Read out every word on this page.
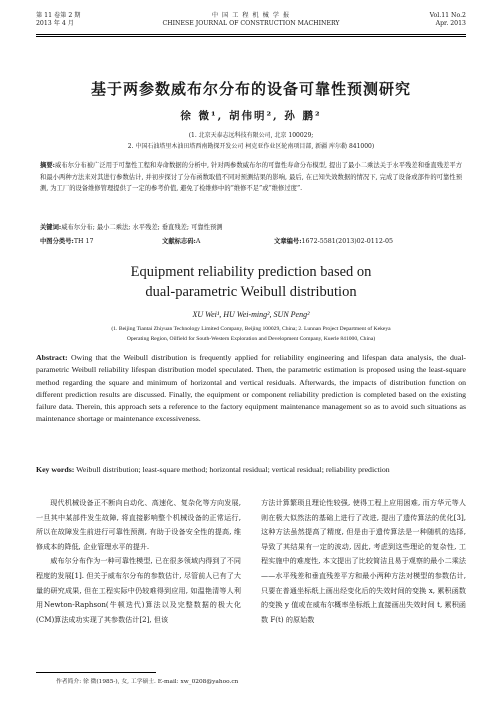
第 11 卷第 2 期
2013 年 4 月
中 国 工 程 机 械 学 报
CHINESE JOURNAL OF CONSTRUCTION MACHINERY
Vol.11 No.2
Apr. 2013
基于两参数威布尔分布的设备可靠性预测研究
徐 微¹, 胡伟明², 孙 鹏²
(1. 北京天泰志远科技有限公司, 北京 100029;
2. 中国石油塔里木油田塔西南勘探开发公司 柯克亚作业区轮南项目部, 新疆 库尔勒 841000)
摘要:威布尔分布被广泛用于可靠性工程和寿命数据的分析中, 针对两参数威布尔的可靠性寿命分布模型, 提出了最小二乘法关于水平残差和垂直残差平方和最小两种方法来对其进行参数估计, 并初步探讨了分布函数取值不同对预测结果的影响, 最后, 在已知失效数据的情况下, 完成了设备或部件的可靠性预测, 为工厂的设备维修管理提供了一定的参考价值, 避免了检维修中的“维修不足”或“维修过度”.
关键词:威布尔分布; 最小二乘法; 水平残差; 垂直残差; 可靠性预测
中图分类号:TH 17	文献标志码:A	文章编号:1672-5581(2013)02-0112-05
Equipment reliability prediction based on
dual-parametric Weibull distribution
XU Wei¹, HU Wei-ming², SUN Peng²
(1. Beijing Tiantai Zhiyuan Technology Limited Company, Beijing 100029, China; 2. Lunnan Project Department of Kekeya
Operating Region, Oilfield for South-Western Exploration and Development Company, Kuerle 841000, China)
Abstract: Owing that the Weibull distribution is frequently applied for reliability engineering and lifespan data analysis, the dual-parametric Weibull reliability lifespan distribution model speculated. Then, the parametric estimation is proposed using the least-square method regarding the square and minimum of horizontal and vertical residuals. Afterwards, the impacts of distribution function on different prediction results are discussed. Finally, the equipment or component reliability prediction is completed based on the existing failure data. Therein, this approach sets a reference to the factory equipment maintenance management so as to avoid such situations as maintenance shortage or maintenance excessiveness.
Key words: Weibull distribution; least-square method; horizontal residual; vertical residual; reliability prediction

现代机械设备正不断向自动化、高速化、复杂化等方向发展, 一旦其中某部件发生故障, 将直接影响整个机械设备的正常运行, 所以在故障发生前进行可靠性预测, 有助于设备安全性的提高, 维修成本的降低, 企业管理水平的提升.

威布尔分布作为一种可靠性模型, 已在很多领域内得到了不同程度的发展[1]. 但关于威布尔分布的参数估计, 尽管前人已有了大量的研究成果, 但在工程实际中仍较难得到应用, 如温艳清等人利用Newton-Raphson(牛顿迭代)算法以及完整数据的极大化(CM)算法成功实现了其参数估计[2], 但该

方法计算繁琐且理论性较强, 使得工程上应用困难, 而方华元等人则在极大似然法的基础上进行了改进, 提出了遗传算法的优化[3], 这种方法虽然提高了精度, 但是由于遗传算法是一种随机的选择, 导致了其结果有一定的波动, 因此, 考虑到这些理论的复杂性, 工程实施中的难度性, 本文提出了比较简洁且易于观察的最小二乘法——水平残差和垂直残差平方和最小两种方法对模型的参数估计, 只要在普通坐标纸上画出经变化后的失效时间的变换 x, 累积函数的变换 y 值或在威布尔概率坐标纸上直接画出失效时间 t, 累积函数 F(t) 的原始数

作者简介: 徐 微(1985-), 女, 工学硕士. E-mail: xw_0208@yahoo.cn
